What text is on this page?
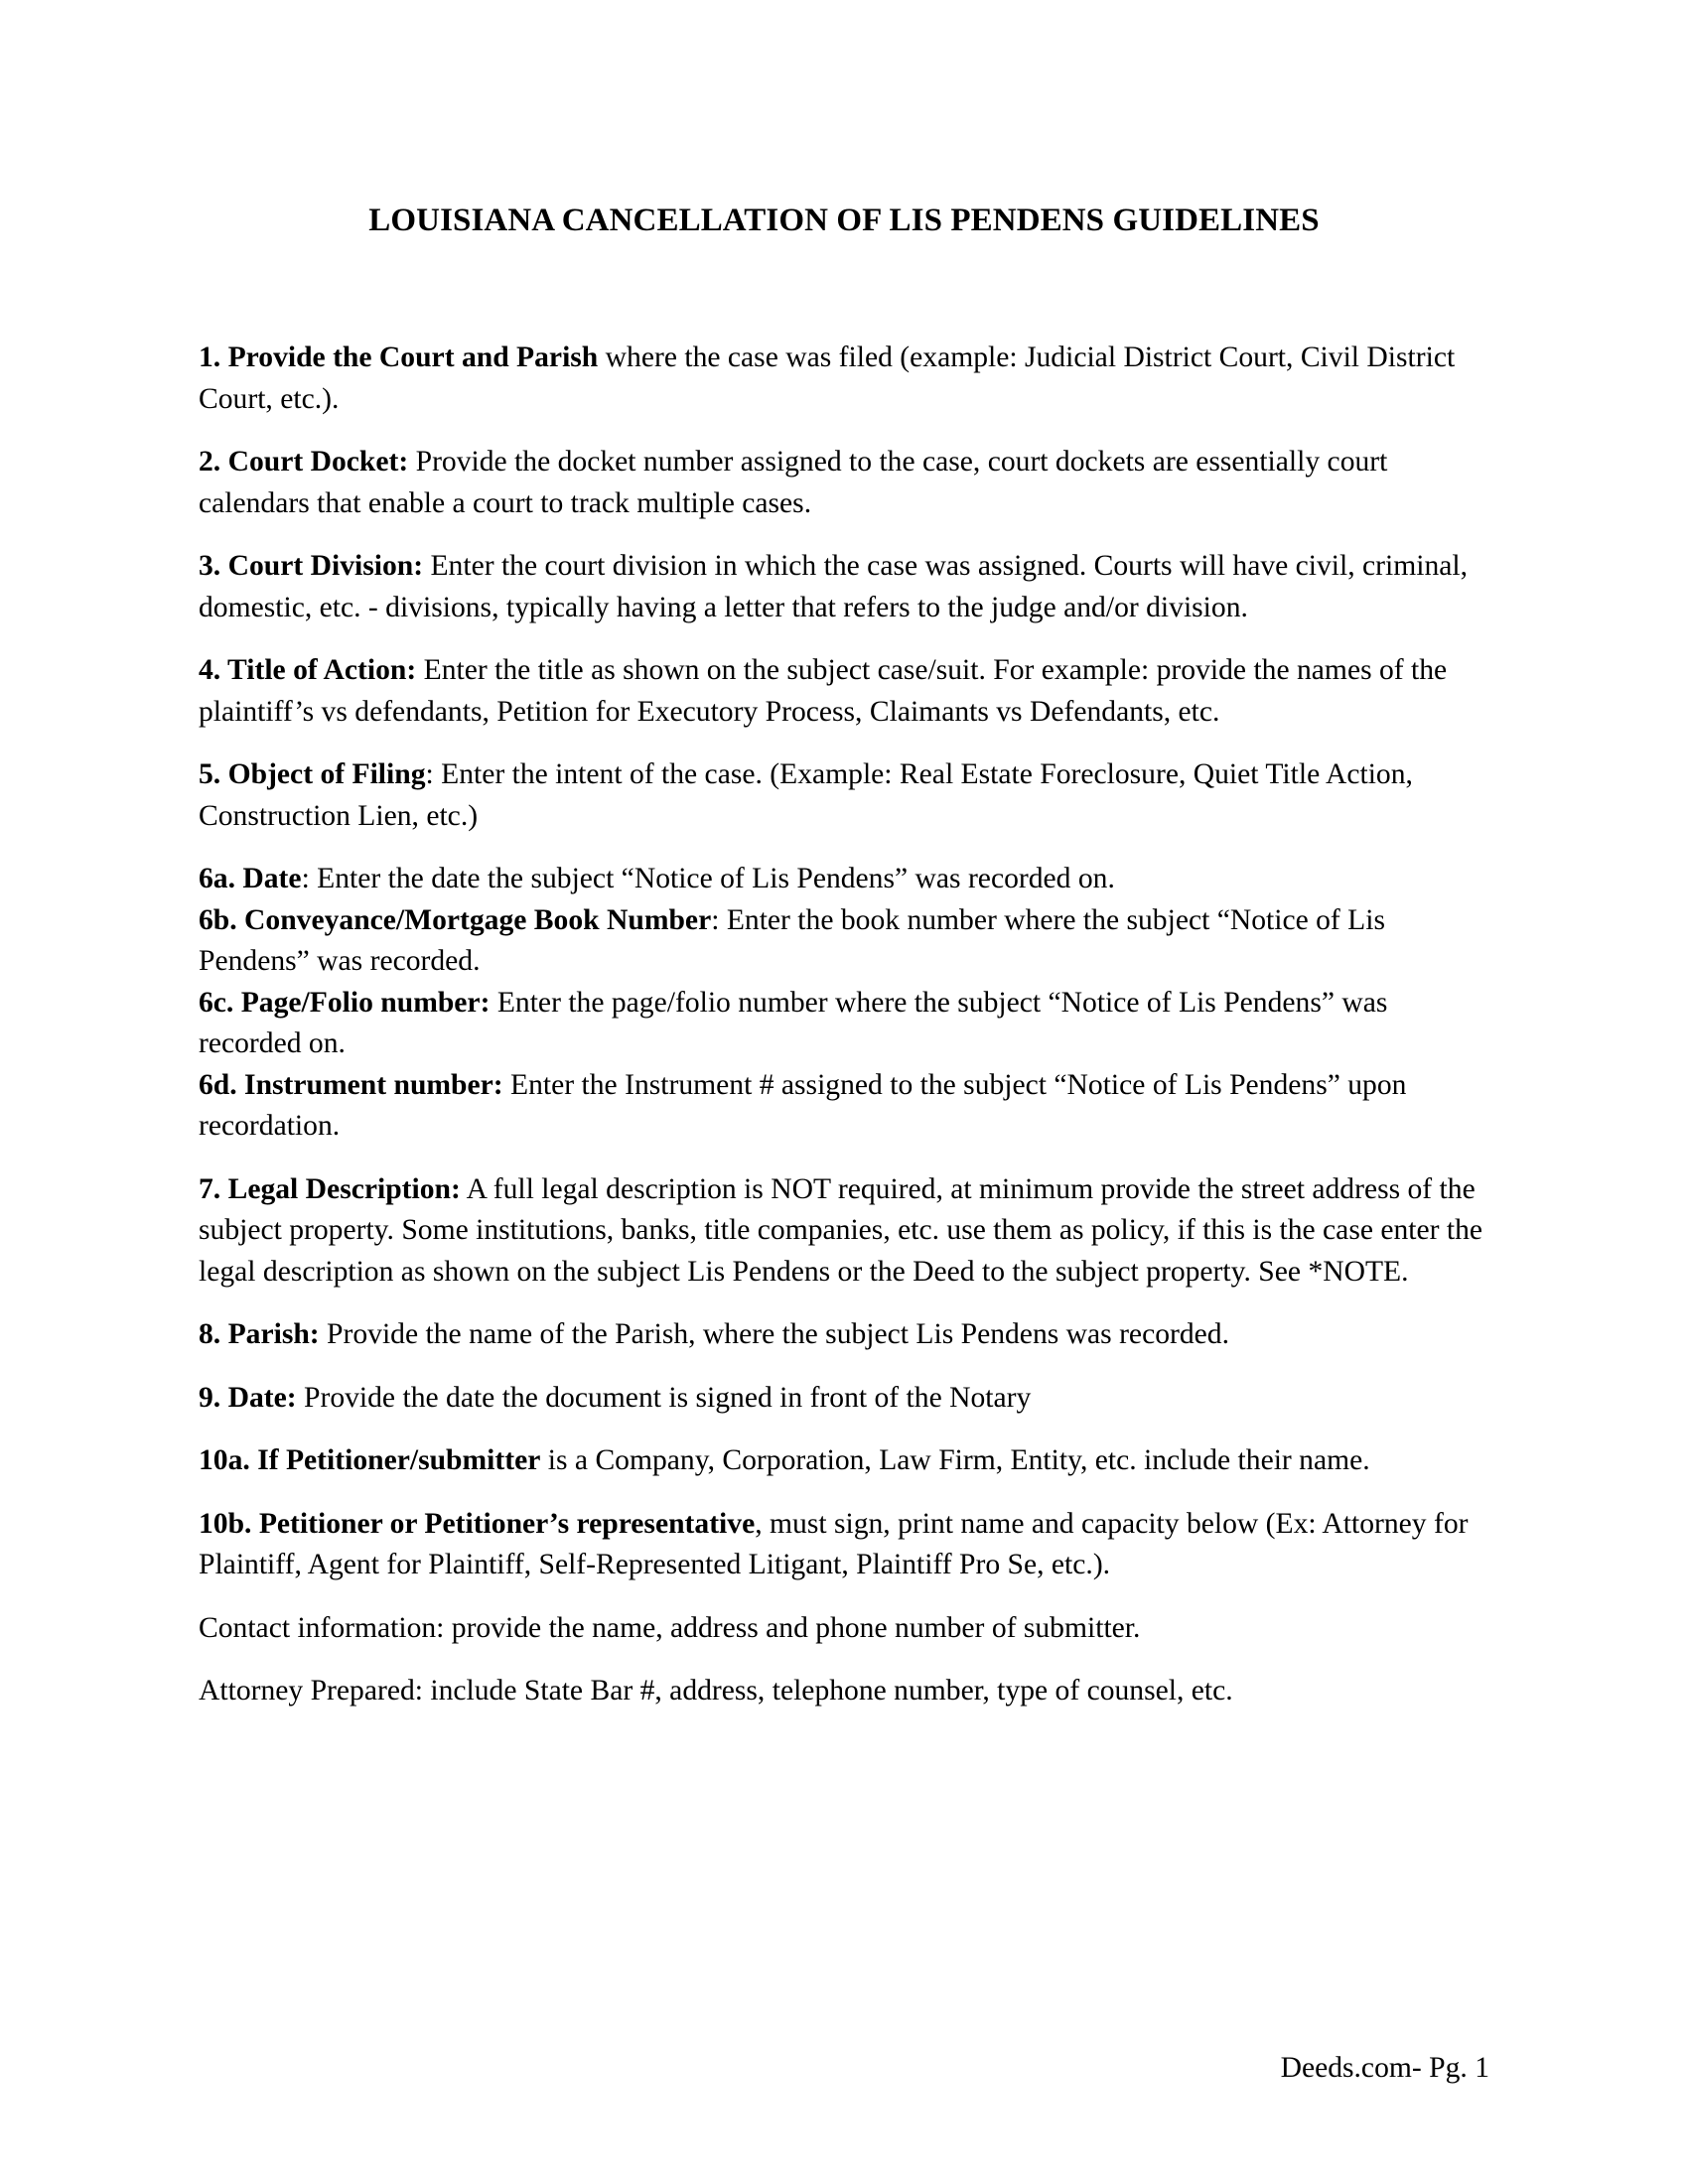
LOUISIANA CANCELLATION OF LIS PENDENS GUIDELINES

1. Provide the Court and Parish where the case was filed (example: Judicial District Court, Civil District Court, etc.).

2. Court Docket: Provide the docket number assigned to the case, court dockets are essentially court calendars that enable a court to track multiple cases.

3. Court Division: Enter the court division in which the case was assigned. Courts will have civil, criminal, domestic, etc. - divisions, typically having a letter that refers to the judge and/or division.

4. Title of Action: Enter the title as shown on the subject case/suit. For example: provide the names of the plaintiff’s vs defendants, Petition for Executory Process, Claimants vs Defendants, etc.

5. Object of Filing: Enter the intent of the case. (Example: Real Estate Foreclosure, Quiet Title Action, Construction Lien, etc.)

6a. Date: Enter the date the subject “Notice of Lis Pendens” was recorded on.

6b. Conveyance/Mortgage Book Number: Enter the book number where the subject “Notice of Lis Pendens” was recorded.

6c. Page/Folio number: Enter the page/folio number where the subject “Notice of Lis Pendens” was recorded on.

6d. Instrument number: Enter the Instrument # assigned to the subject “Notice of Lis Pendens” upon recordation.

7. Legal Description: A full legal description is NOT required, at minimum provide the street address of the subject property. Some institutions, banks, title companies, etc. use them as policy, if this is the case enter the legal description as shown on the subject Lis Pendens or the Deed to the subject property. See *NOTE.

8. Parish: Provide the name of the Parish, where the subject Lis Pendens was recorded.

9. Date: Provide the date the document is signed in front of the Notary

10a. If Petitioner/submitter is a Company, Corporation, Law Firm, Entity, etc. include their name.

10b. Petitioner or Petitioner’s representative, must sign, print name and capacity below (Ex: Attorney for Plaintiff, Agent for Plaintiff, Self-Represented Litigant, Plaintiff Pro Se, etc.).

Contact information: provide the name, address and phone number of submitter.

Attorney Prepared: include State Bar #, address, telephone number, type of counsel, etc.

Deeds.com- Pg. 1
